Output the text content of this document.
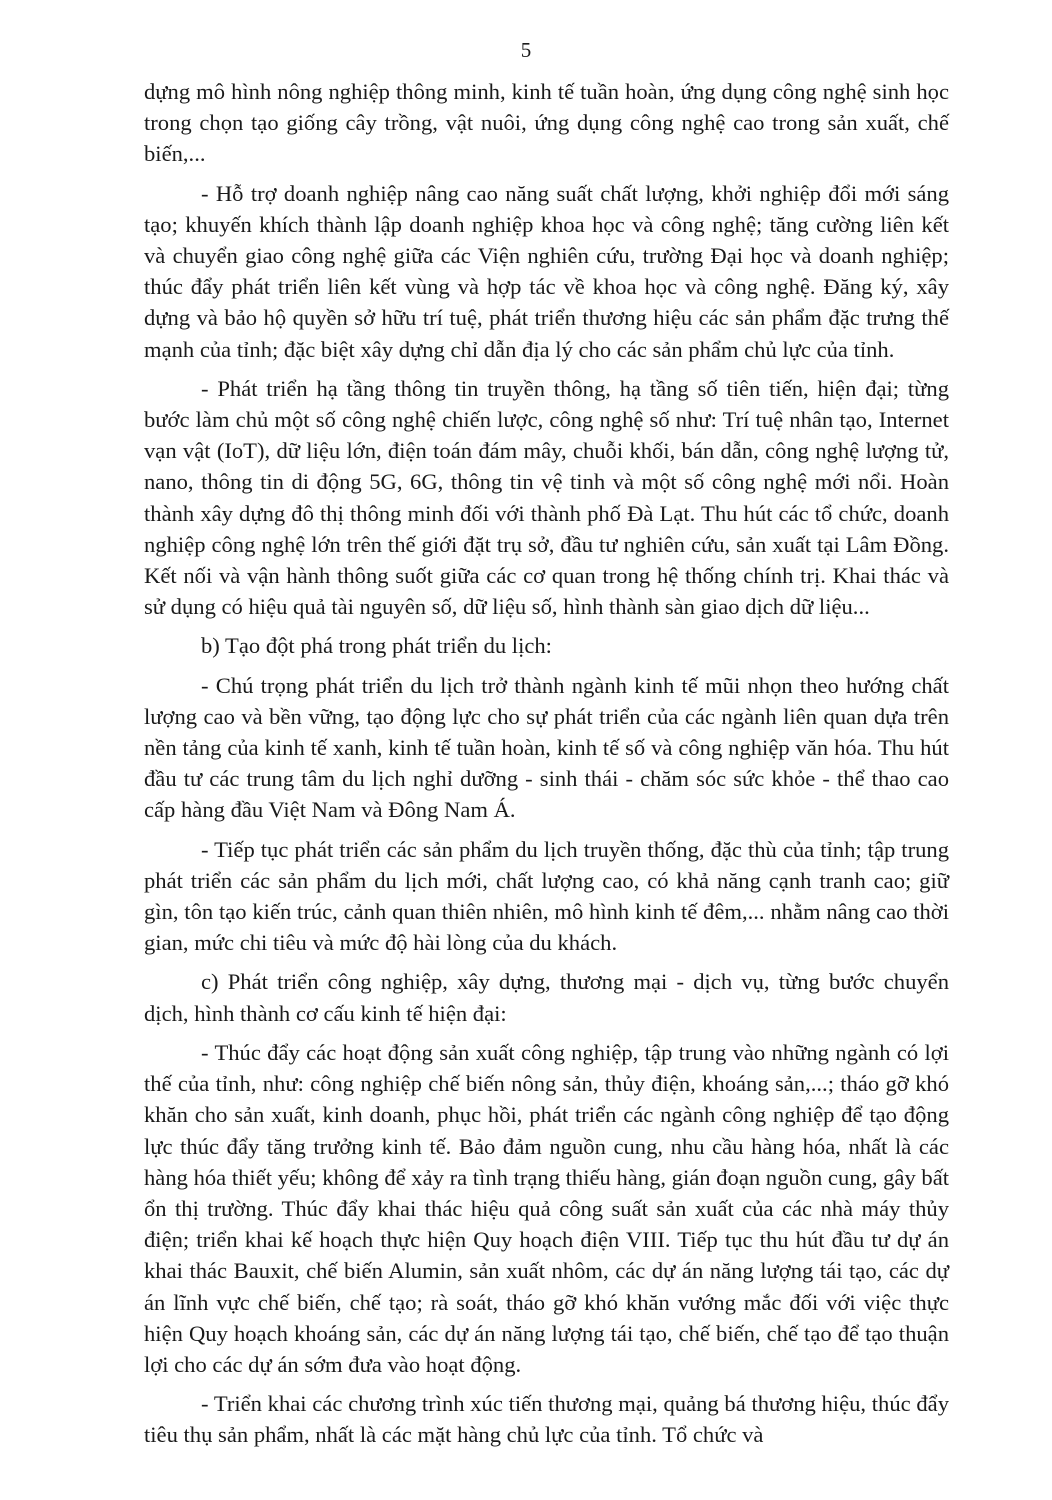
5

dựng mô hình nông nghiệp thông minh, kinh tế tuần hoàn, ứng dụng công nghệ sinh học trong chọn tạo giống cây trồng, vật nuôi, ứng dụng công nghệ cao trong sản xuất, chế biến,...

- Hỗ trợ doanh nghiệp nâng cao năng suất chất lượng, khởi nghiệp đổi mới sáng tạo; khuyến khích thành lập doanh nghiệp khoa học và công nghệ; tăng cường liên kết và chuyển giao công nghệ giữa các Viện nghiên cứu, trường Đại học và doanh nghiệp; thúc đẩy phát triển liên kết vùng và hợp tác về khoa học và công nghệ. Đăng ký, xây dựng và bảo hộ quyền sở hữu trí tuệ, phát triển thương hiệu các sản phẩm đặc trưng thế mạnh của tỉnh; đặc biệt xây dựng chỉ dẫn địa lý cho các sản phẩm chủ lực của tỉnh.

- Phát triển hạ tầng thông tin truyền thông, hạ tầng số tiên tiến, hiện đại; từng bước làm chủ một số công nghệ chiến lược, công nghệ số như: Trí tuệ nhân tạo, Internet vạn vật (IoT), dữ liệu lớn, điện toán đám mây, chuỗi khối, bán dẫn, công nghệ lượng tử, nano, thông tin di động 5G, 6G, thông tin vệ tinh và một số công nghệ mới nổi. Hoàn thành xây dựng đô thị thông minh đối với thành phố Đà Lạt. Thu hút các tổ chức, doanh nghiệp công nghệ lớn trên thế giới đặt trụ sở, đầu tư nghiên cứu, sản xuất tại Lâm Đồng. Kết nối và vận hành thông suốt giữa các cơ quan trong hệ thống chính trị. Khai thác và sử dụng có hiệu quả tài nguyên số, dữ liệu số, hình thành sàn giao dịch dữ liệu...

b) Tạo đột phá trong phát triển du lịch:

- Chú trọng phát triển du lịch trở thành ngành kinh tế mũi nhọn theo hướng chất lượng cao và bền vững, tạo động lực cho sự phát triển của các ngành liên quan dựa trên nền tảng của kinh tế xanh, kinh tế tuần hoàn, kinh tế số và công nghiệp văn hóa. Thu hút đầu tư các trung tâm du lịch nghỉ dưỡng - sinh thái - chăm sóc sức khỏe - thể thao cao cấp hàng đầu Việt Nam và Đông Nam Á.

- Tiếp tục phát triển các sản phẩm du lịch truyền thống, đặc thù của tỉnh; tập trung phát triển các sản phẩm du lịch mới, chất lượng cao, có khả năng cạnh tranh cao; giữ gìn, tôn tạo kiến trúc, cảnh quan thiên nhiên, mô hình kinh tế đêm,... nhằm nâng cao thời gian, mức chi tiêu và mức độ hài lòng của du khách.

c) Phát triển công nghiệp, xây dựng, thương mại - dịch vụ, từng bước chuyển dịch, hình thành cơ cấu kinh tế hiện đại:

- Thúc đẩy các hoạt động sản xuất công nghiệp, tập trung vào những ngành có lợi thế của tỉnh, như: công nghiệp chế biến nông sản, thủy điện, khoáng sản,...; tháo gỡ khó khăn cho sản xuất, kinh doanh, phục hồi, phát triển các ngành công nghiệp để tạo động lực thúc đẩy tăng trưởng kinh tế. Bảo đảm nguồn cung, nhu cầu hàng hóa, nhất là các hàng hóa thiết yếu; không để xảy ra tình trạng thiếu hàng, gián đoạn nguồn cung, gây bất ổn thị trường. Thúc đẩy khai thác hiệu quả công suất sản xuất của các nhà máy thủy điện; triển khai kế hoạch thực hiện Quy hoạch điện VIII. Tiếp tục thu hút đầu tư dự án khai thác Bauxit, chế biến Alumin, sản xuất nhôm, các dự án năng lượng tái tạo, các dự án lĩnh vực chế biến, chế tạo; rà soát, tháo gỡ khó khăn vướng mắc đối với việc thực hiện Quy hoạch khoáng sản, các dự án năng lượng tái tạo, chế biến, chế tạo để tạo thuận lợi cho các dự án sớm đưa vào hoạt động.

- Triển khai các chương trình xúc tiến thương mại, quảng bá thương hiệu, thúc đẩy tiêu thụ sản phẩm, nhất là các mặt hàng chủ lực của tỉnh. Tổ chức và
